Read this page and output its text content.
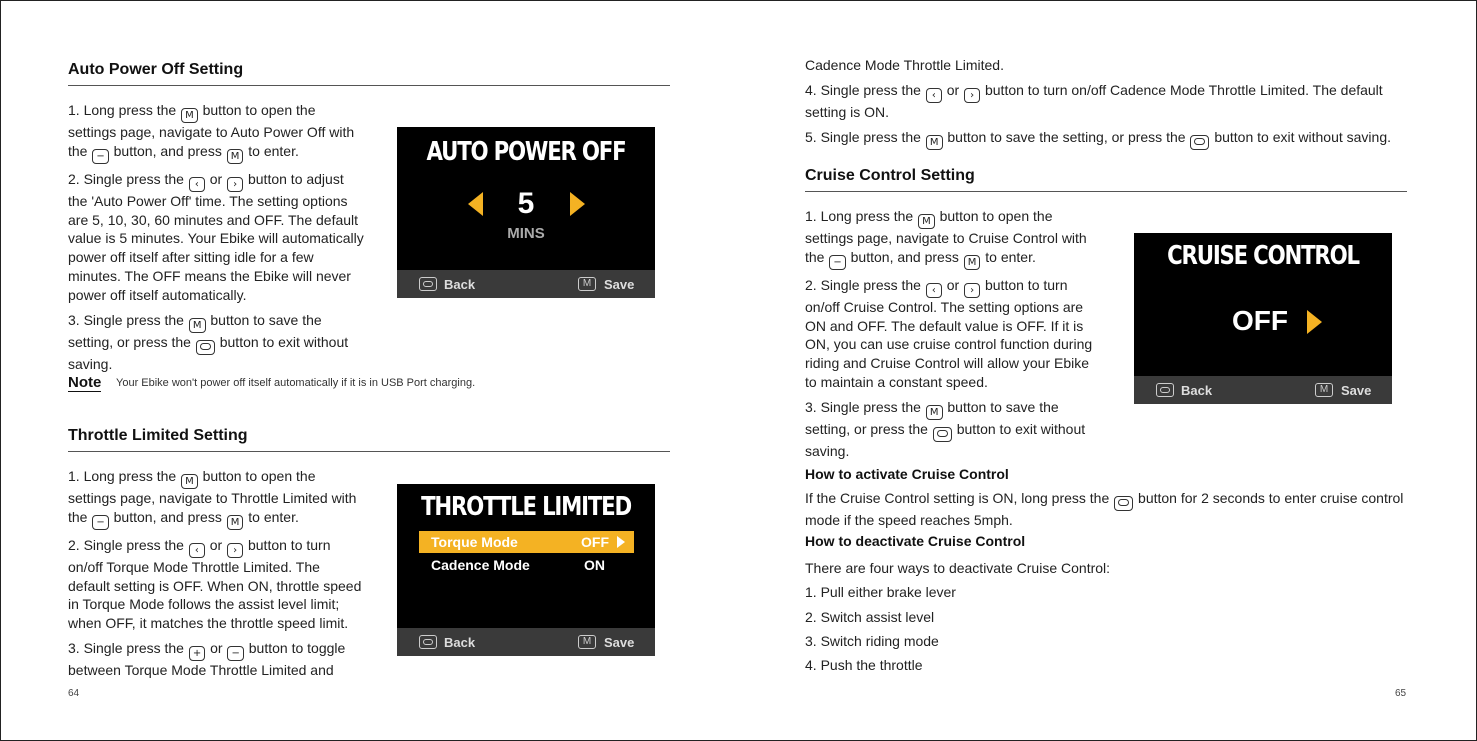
Auto Power Off Setting

1. Long press the M button to open the settings page, navigate to Auto Power Off with the − button, and press M to enter.

2. Single press the ‹ or › button to adjust the 'Auto Power Off' time. The setting options are 5, 10, 30, 60 minutes and OFF. The default value is 5 minutes. Your Ebike will automatically power off itself after sitting idle for a few minutes. The OFF means the Ebike will never power off itself automatically.

3. Single press the M button to save the setting, or press the button to exit without saving.

AUTO POWER OFF
5
MINS
Back	M Save
Note Your Ebike won't power off itself automatically if it is in USB Port charging.
Throttle Limited Setting

1. Long press the M button to open the settings page, navigate to Throttle Limited with the − button, and press M to enter.

2. Single press the ‹ or › button to turn on/off Torque Mode Throttle Limited. The default setting is OFF. When ON, throttle speed in Torque Mode follows the assist level limit; when OFF, it matches the throttle speed limit.

3. Single press the + or − button to toggle between Torque Mode Throttle Limited and

THROTTLE LIMITED
Torque Mode	OFF
Cadence Mode	ON
Back	M Save
64

Cadence Mode Throttle Limited.

4. Single press the ‹ or › button to turn on/off Cadence Mode Throttle Limited. The default setting is ON.

5. Single press the M button to save the setting, or press the button to exit without saving.

Cruise Control Setting

1. Long press the M button to open the settings page, navigate to Cruise Control with the − button, and press M to enter.

2. Single press the ‹ or › button to turn on/off Cruise Control. The setting options are ON and OFF. The default value is OFF. If it is ON, you can use cruise control function during riding and Cruise Control will allow your Ebike to maintain a constant speed.

3. Single press the M button to save the setting, or press the button to exit without saving.

CRUISE CONTROL
OFF
Back	M Save
How to activate Cruise Control

If the Cruise Control setting is ON, long press the button for 2 seconds to enter cruise control mode if the speed reaches 5mph.

How to deactivate Cruise Control
There are four ways to deactivate Cruise Control:
1. Pull either brake lever
2. Switch assist level
3. Switch riding mode
4. Push the throttle
65
